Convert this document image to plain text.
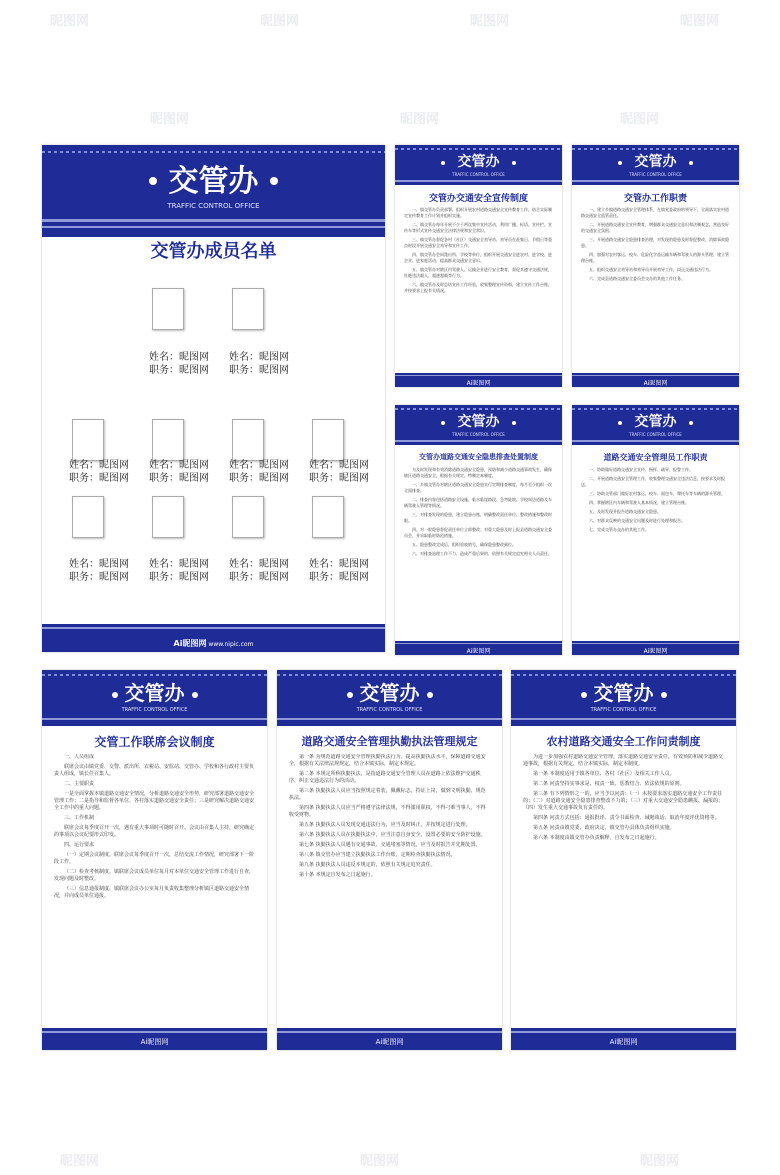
昵图网	昵图网	昵图网	昵图网
昵图网	昵图网	昵图网
昵图网	昵图网	昵图网
交管办
TRAFFIC CONTROL OFFICE
交管办成员名单
姓名：昵图网
职务：昵图网
姓名：昵图网
职务：昵图网
姓名：昵图网
职务：昵图网
姓名：昵图网
职务：昵图网
姓名：昵图网
职务：昵图网
姓名：昵图网
职务：昵图网
姓名：昵图网
职务：昵图网
姓名：昵图网
职务：昵图网
姓名：昵图网
职务：昵图网
姓名：昵图网
职务：昵图网
Ai昵图网 www.nipic.com
交管办
TRAFFIC CONTROL OFFICE
交管办交通安全宣传制度

一、镇交管办负责部署、组织开展农村道路交通安全宣传教育工作，结合实际制定宣传教育工作计划并组织实施。

二、镇交管办每年开展不少于两次集中宣传活动，利用广播、标语、宣传栏、宣传车等形式宣传交通安全法律法规和安全常识。

三、镇交管办督促各村（社区）交通安全劝导站、劝导员在赶集日、节假日等重点时段开展交通安全劝导和宣传工作。

四、镇交管办会同派出所、学校等单位，组织开展交通安全进农村、进学校、进企业、进家庭活动，提高群众交通安全意识。

五、镇交管办对辖区内驾驶人、运输企业进行安全教育，督促其遵守交通法规，杜绝违法载人、超速超载等行为。

六、镇交管办及时总结宣传工作经验，收集整理宣传资料，建立宣传工作台账，并按要求上报有关情况。

Ai昵图网
交管办
TRAFFIC CONTROL OFFICE
交管办工作职责

一、建立乡镇道路交通安全管理体系，在镇党委政府的领导下，全面落实农村道路交通安全监管责任。

二、开展道路交通安全宣传教育，增强群众交通安全意识和法制观念，营造良好的交通安全氛围。

三、开展道路交通安全隐患排查治理，对发现的隐患及时督促整改，消除事故隐患。

四、加强对农村客运、校车、危险化学品运输车辆和驾驶人的源头管理，建立管理台账。

五、组织交通安全劝导站和劝导员开展劝导工作，纠正交通违法行为。

六、完成县道路交通安全委员会交办的其他工作任务。

Ai昵图网
交管办
TRAFFIC CONTROL OFFICE
交管办道路交通安全隐患排查处置制度

为及时发现和有效消除道路交通安全隐患，预防和减少道路交通事故发生，确保辖区道路交通安全，根据有关规定，特制定本制度。

一、乡镇交管办对辖区道路交通安全隐患实行定期排查制度，每月至少组织一次全面排查。

二、排查内容包括道路安全设施、临水临崖路段、急弯陡坡、学校周边道路及车辆驾驶人管理等情况。

三、对排查发现的隐患，建立隐患台账，明确整改责任单位、整改措施和整改时限。

四、对一般隐患督促责任单位立即整改；对重大隐患及时上报县道路交通安全委员会，并采取临时防范措施。

五、隐患整改完成后，组织验收销号，确保隐患整改到位。

六、对排查治理工作不力、造成严重后果的，依照有关规定追究相关人员责任。

Ai昵图网
交管办
TRAFFIC CONTROL OFFICE
道路交通安全管理员工作职责

一、协助做好道路交通安全宣传、指挥、疏导、报警工作。

二、开展道路交通安全管理工作，收集整理交通安全违法信息，按要求及时报送。

三、协助交管部门做好农村客运、校车、面包车、摩托车等车辆的源头管理。

四、掌握辖区内车辆和驾驶人基本情况，建立管理台账。

五、及时发现并报告道路交通安全隐患。

六、对群众反映的交通安全问题及时进行处理和报告。

七、完成交管办交办的其他工作。

Ai昵图网
交管办
TRAFFIC CONTROL OFFICE
交管工作联席会议制度

一、人员组成

联席会议由镇党委、交警、派出所、农税站、安监站、交管办、学校和各行政村主要负责人组成，镇长任召集人。

二、主要职责

一是全面掌握本镇道路交通安全情况，分析道路交通安全形势，研究部署道路交通安全管理工作；二是指导和监督各单位、各村落实道路交通安全责任；三是研究解决道路交通安全工作中的重大问题。

三、工作机制

联席会议每季度召开一次，遇有重大事项时可随时召开。会议由召集人主持，研究确定的事项以会议纪要形式印发。

四、运行要求

（一）定期会议制度。联席会议每季度召开一次，总结交流工作情况，研究部署下一阶段工作。

（二）检查考核制度。镇联席会议成员单位每月对本单位交通安全管理工作进行自查，发现问题及时整改。

（三）信息通报制度。镇联席会议办公室每月负责收集整理分析镇区道路交通安全情况，并向成员单位通报。

Ai昵图网
交管办
TRAFFIC CONTROL OFFICE
道路交通安全管理执勤执法管理规定

第一条 为规范道路交通安全管理执勤执法行为，提高执勤执法水平，保障道路交通安全，根据有关法律法规规定，结合本镇实际，制定本规定。

第二条 本规定所称执勤执法，是指道路交通安全管理人员在道路上依法维护交通秩序、纠正交通违法行为的活动。

第三条 执勤执法人员应当按照规定着装，佩戴标志，持证上岗，做到文明执勤、规范执法。

第四条 执勤执法人员应当严格遵守法律法规，不得滥用职权，不得刁难当事人，不得收受财物。

第五条 执勤执法人员发现交通违法行为，应当及时纠正，并按规定进行处理。

第六条 执勤执法人员在执勤执法中，应当注意自身安全，设置必要的安全防护设施。

第七条 执勤执法人员遇有交通事故、交通堵塞等情况，应当及时报告并先期处置。

第八条 镇交管办应当建立执勤执法工作台账，定期检查执勤执法情况。

第九条 执勤执法人员违反本规定的，依照有关规定追究责任。

第十条 本规定自发布之日起施行。

Ai昵图网
交管办
TRAFFIC CONTROL OFFICE
农村道路交通安全工作问责制度

为进一步加强农村道路交通安全管理，落实道路交通安全责任，有效预防和减少道路交通事故，根据有关规定，结合本镇实际，制定本制度。

第一条 本制度适用于镇各单位、各村（社区）及相关工作人员。

第二条 问责坚持实事求是、权责一致、惩教结合、依法依规的原则。

第三条 有下列情形之一的，应当予以问责：（一）未按要求落实道路交通安全工作责任的；（二）对道路交通安全隐患排查整改不力的；（三）对重大交通安全隐患瞒报、漏报的；（四）发生重大交通事故负有责任的。

第四条 问责方式包括：通报批评、责令书面检查、诫勉谈话、取消年度评优资格等。

第五条 问责由镇党委、政府决定，镇交管办具体负责组织实施。

第六条 本制度由镇交管办负责解释，自发布之日起施行。

Ai昵图网
